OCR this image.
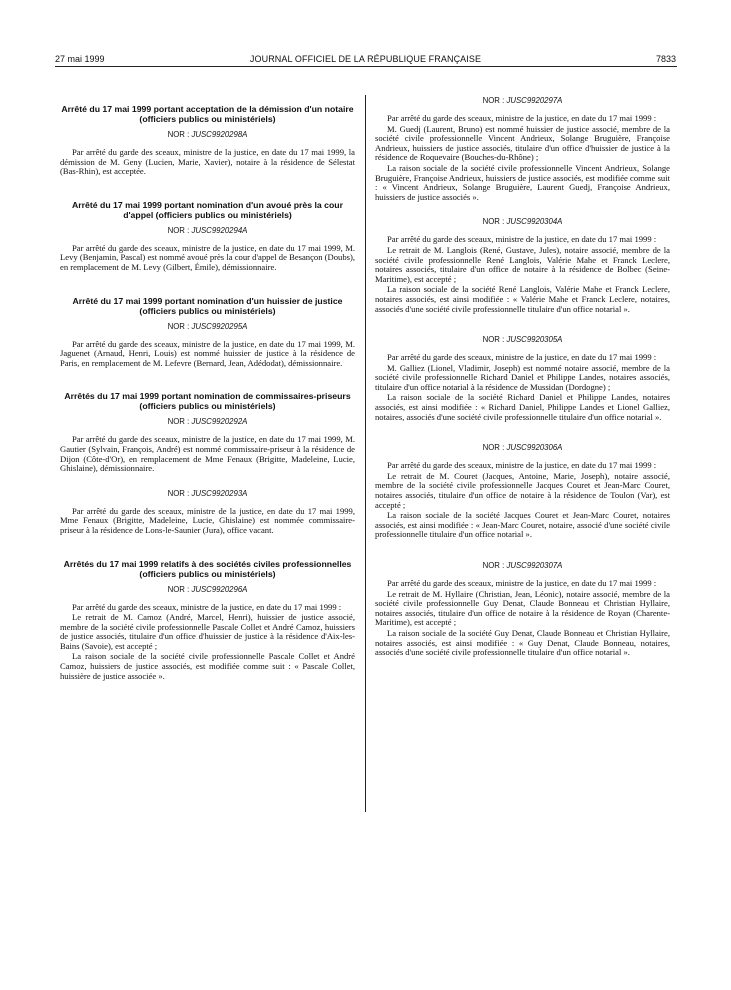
27 mai 1999	JOURNAL OFFICIEL DE LA RÉPUBLIQUE FRANÇAISE	7833

Arrêté du 17 mai 1999 portant acceptation de la démission d'un notaire (officiers publics ou ministériels)

NOR : JUSC9920298A

Par arrêté du garde des sceaux, ministre de la justice, en date du 17 mai 1999, la démission de M. Geny (Lucien, Marie, Xavier), notaire à la résidence de Sélestat (Bas-Rhin), est acceptée.

Arrêté du 17 mai 1999 portant nomination d'un avoué près la cour d'appel (officiers publics ou ministériels)

NOR : JUSC9920294A

Par arrêté du garde des sceaux, ministre de la justice, en date du 17 mai 1999, M. Levy (Benjamin, Pascal) est nommé avoué près la cour d'appel de Besançon (Doubs), en remplacement de M. Levy (Gilbert, Émile), démissionnaire.

Arrêté du 17 mai 1999 portant nomination d'un huissier de justice (officiers publics ou ministériels)

NOR : JUSC9920295A

Par arrêté du garde des sceaux, ministre de la justice, en date du 17 mai 1999, M. Jaguenet (Arnaud, Henri, Louis) est nommé huissier de justice à la résidence de Paris, en remplacement de M. Lefevre (Bernard, Jean, Adédodat), démissionnaire.

Arrêtés du 17 mai 1999 portant nomination de commissaires-priseurs (officiers publics ou ministériels)

NOR : JUSC9920292A

Par arrêté du garde des sceaux, ministre de la justice, en date du 17 mai 1999, M. Gautier (Sylvain, François, André) est nommé commissaire-priseur à la résidence de Dijon (Côte-d'Or), en remplacement de Mme Fenaux (Brigitte, Madeleine, Lucie, Ghislaine), démissionnaire.

NOR : JUSC9920293A

Par arrêté du garde des sceaux, ministre de la justice, en date du 17 mai 1999, Mme Fenaux (Brigitte, Madeleine, Lucie, Ghislaine) est nommée commissaire-priseur à la résidence de Lons-le-Saunier (Jura), office vacant.

Arrêtés du 17 mai 1999 relatifs à des sociétés civiles professionnelles (officiers publics ou ministériels)

NOR : JUSC9920296A

Par arrêté du garde des sceaux, ministre de la justice, en date du 17 mai 1999 :

Le retrait de M. Camoz (André, Marcel, Henri), huissier de justice associé, membre de la société civile professionnelle Pascale Collet et André Camoz, huissiers de justice associés, titulaire d'un office d'huissier de justice à la résidence d'Aix-les-Bains (Savoie), est accepté ;

La raison sociale de la société civile professionnelle Pascale Collet et André Camoz, huissiers de justice associés, est modifiée comme suit : « Pascale Collet, huissière de justice associée ».

NOR : JUSC9920297A

Par arrêté du garde des sceaux, ministre de la justice, en date du 17 mai 1999 :

M. Guedj (Laurent, Bruno) est nommé huissier de justice associé, membre de la société civile professionnelle Vincent Andrieux, Solange Bruguière, Françoise Andrieux, huissiers de justice associés, titulaire d'un office d'huissier de justice à la résidence de Roquevaire (Bouches-du-Rhône) ;

La raison sociale de la société civile professionnelle Vincent Andrieux, Solange Bruguière, Françoise Andrieux, huissiers de justice associés, est modifiée comme suit : « Vincent Andrieux, Solange Bruguière, Laurent Guedj, Françoise Andrieux, huissiers de justice associés ».

NOR : JUSC9920304A

Par arrêté du garde des sceaux, ministre de la justice, en date du 17 mai 1999 :

Le retrait de M. Langlois (René, Gustave, Jules), notaire associé, membre de la société civile professionnelle René Langlois, Valérie Mahe et Franck Leclere, notaires associés, titulaire d'un office de notaire à la résidence de Bolbec (Seine-Maritime), est accepté ;

La raison sociale de la société René Langlois, Valérie Mahe et Franck Leclere, notaires associés, est ainsi modifiée : « Valérie Mahe et Franck Leclere, notaires, associés d'une société civile professionnelle titulaire d'un office notarial ».

NOR : JUSC9920305A

Par arrêté du garde des sceaux, ministre de la justice, en date du 17 mai 1999 :

M. Galliez (Lionel, Vladimir, Joseph) est nommé notaire associé, membre de la société civile professionnelle Richard Daniel et Philippe Landes, notaires associés, titulaire d'un office notarial à la résidence de Mussidan (Dordogne) ;

La raison sociale de la société Richard Daniel et Philippe Landes, notaires associés, est ainsi modifiée : « Richard Daniel, Philippe Landes et Lionel Galliez, notaires, associés d'une société civile professionnelle titulaire d'un office notarial ».

NOR : JUSC9920306A

Par arrêté du garde des sceaux, ministre de la justice, en date du 17 mai 1999 :

Le retrait de M. Couret (Jacques, Antoine, Marie, Joseph), notaire associé, membre de la société civile professionnelle Jacques Couret et Jean-Marc Couret, notaires associés, titulaire d'un office de notaire à la résidence de Toulon (Var), est accepté ;

La raison sociale de la société Jacques Couret et Jean-Marc Couret, notaires associés, est ainsi modifiée : « Jean-Marc Couret, notaire, associé d'une société civile professionnelle titulaire d'un office notarial ».

NOR : JUSC9920307A

Par arrêté du garde des sceaux, ministre de la justice, en date du 17 mai 1999 :

Le retrait de M. Hyllaire (Christian, Jean, Léonic), notaire associé, membre de la société civile professionnelle Guy Denat, Claude Bonneau et Christian Hyllaire, notaires associés, titulaire d'un office de notaire à la résidence de Royan (Charente-Maritime), est accepté ;

La raison sociale de la société Guy Denat, Claude Bonneau et Christian Hyllaire, notaires associés, est ainsi modifiée : « Guy Denat, Claude Bonneau, notaires, associés d'une société civile professionnelle titulaire d'un office notarial ».
